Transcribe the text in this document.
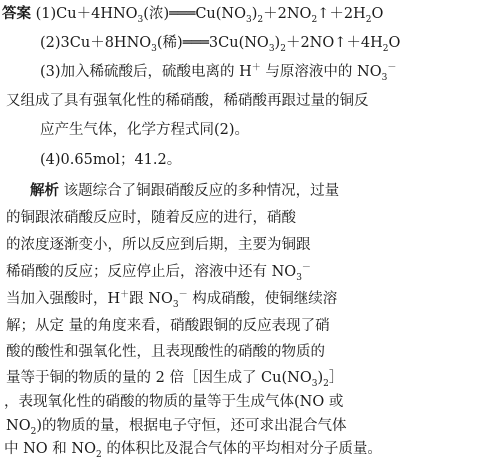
答案 $(1)Cu+4HNO_3$(浓)$═══Cu(NO_3)_2+2NO_2↑+2H_2O$
$(2)3Cu+8HNO_3$(稀)$═══3Cu(NO_3)_2+2NO↑+4H_2O$
(3)加入稀硫酸后，硫酸电离的 H＋ 与原溶液中的 $NO_3^-$
又组成了具有强氧化性的稀硝酸，稀硝酸再跟过量的铜反
应产生气体，化学方程式同(2)。
(4)0.65mol；41.2。
解析 该题综合了铜跟硝酸反应的多种情况，过量
的铜跟浓硝酸反应时，随着反应的进行，硝酸
的浓度逐渐变小，所以反应到后期，主要为铜跟
稀硝酸的反应；反应停止后，溶液中还有 $NO_3^-$
当加入强酸时，H＋跟 $NO_3^-$ 构成硝酸，使铜继续溶
解；从定 量的角度来看，硝酸跟铜的反应表现了硝
酸的酸性和强氧化性，且表现酸性的硝酸的物质的
量等于铜的物质的量的 2 倍［因生成了 $Cu(NO_3)_2]$
，表现氧化性的硝酸的物质的量等于生成气体(NO 或
$NO_2$)的物质的量，根据电子守恒，还可求出混合气体
中 NO 和 $NO_2$ 的体积比及混合气体的平均相对分子质量。
